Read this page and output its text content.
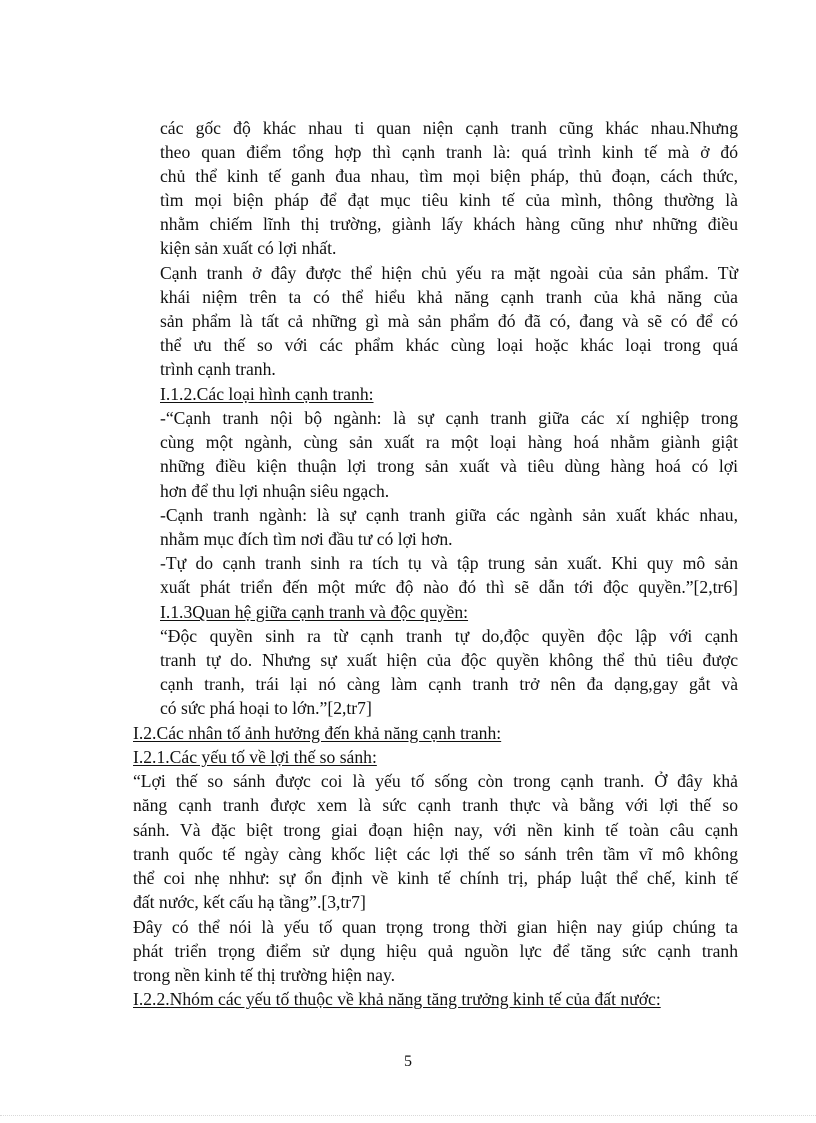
các gốc độ khác nhau ti quan niện cạnh tranh cũng khác nhau.Nhưng
theo quan điểm tổng hợp thì cạnh tranh là: quá trình kinh tế mà ở đó
chủ thể kinh tế ganh đua nhau, tìm mọi biện pháp, thủ đoạn, cách thức,
tìm mọi biện pháp để đạt mục tiêu kinh tế của mình, thông thường là
nhằm chiếm lĩnh thị trường, giành lấy khách hàng cũng như những điều
kiện sản xuất có lợi nhất.
Cạnh tranh ở đây được thể hiện chủ yếu ra mặt ngoài của sản phẩm. Từ
khái niệm trên ta có thể hiểu khả năng cạnh tranh của khả năng của
sản phẩm là tất cả những gì mà sản phẩm đó đã có, đang và sẽ có để có
thể ưu thế so với các phẩm khác cùng loại hoặc khác loại trong quá
trình cạnh tranh.
I.1.2.Các loại hình cạnh tranh:
-“Cạnh tranh nội bộ ngành: là sự cạnh tranh giữa các xí nghiệp trong
cùng một ngành, cùng sản xuất ra một loại hàng hoá nhằm giành giật
những điều kiện thuận lợi trong sản xuất và tiêu dùng hàng hoá có lợi
hơn để thu lợi nhuận siêu ngạch.
-Cạnh tranh ngành: là sự cạnh tranh giữa các ngành sản xuất khác nhau,
nhằm mục đích tìm nơi đầu tư có lợi hơn.
-Tự do cạnh tranh sinh ra tích tụ và tập trung sản xuất. Khi quy mô sản
xuất phát triển đến một mức độ nào đó thì sẽ dẫn tới độc quyền.”[2,tr6]
I.1.3Quan hệ giữa cạnh tranh và độc quyền:
“Độc quyền sinh ra từ cạnh tranh tự do,độc quyền độc lập với cạnh
tranh tự do. Nhưng sự xuất hiện của độc quyền không thể thủ tiêu được
cạnh tranh, trái lại nó càng làm cạnh tranh trở nên đa dạng,gay gắt và
có sức phá hoại to lớn.”[2,tr7]
I.2.Các nhân tố ảnh hưởng đến khả năng cạnh tranh:
I.2.1.Các yếu tố về lợi thế so sánh:
“Lợi thế so sánh được coi là yếu tố sống còn trong cạnh tranh. Ở đây khả
năng cạnh tranh được xem là sức cạnh tranh thực và bằng với lợi thế so
sánh. Và đặc biệt trong giai đoạn hiện nay, với nền kinh tế toàn câu cạnh
tranh quốc tế ngày càng khốc liệt các lợi thế so sánh trên tầm vĩ mô không
thể coi nhẹ nhhư: sự ổn định về kinh tế chính trị, pháp luật thể chế, kinh tế
đất nước, kết cấu hạ tầng”.[3,tr7]
Đây có thể nói là yếu tố quan trọng trong thời gian hiện nay giúp chúng ta
phát triển trọng điểm sử dụng hiệu quả nguồn lực để tăng sức cạnh tranh
trong nền kinh tế thị trường hiện nay.
I.2.2.Nhóm các yếu tố thuộc về khả năng tăng trưởng kinh tế của đất nước:
5
